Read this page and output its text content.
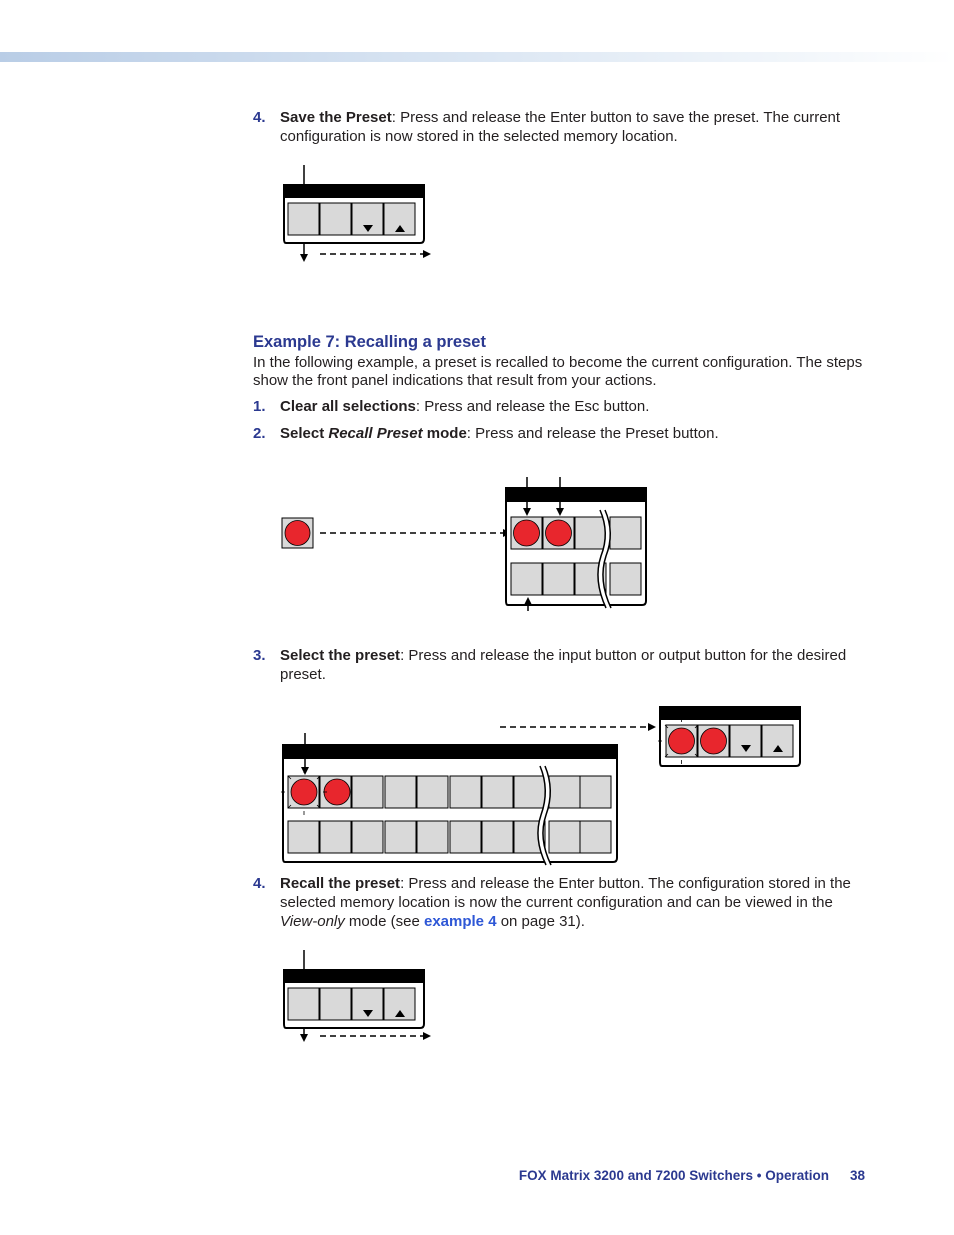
4. Save the Preset: Press and release the Enter button to save the preset. The current configuration is now stored in the selected memory location.
Example 7: Recalling a preset
In the following example, a preset is recalled to become the current configuration. The steps show the front panel indications that result from your actions.
1. Clear all selections: Press and release the Esc button.
2. Select Recall Preset mode: Press and release the Preset button.
3. Select the preset: Press and release the input button or output button for the desired preset.
4. Recall the preset: Press and release the Enter button. The configuration stored in the selected memory location is now the current configuration and can be viewed in the View-only mode (see example 4 on page 31).
FOX Matrix 3200 and 7200 Switchers • Operation 38
